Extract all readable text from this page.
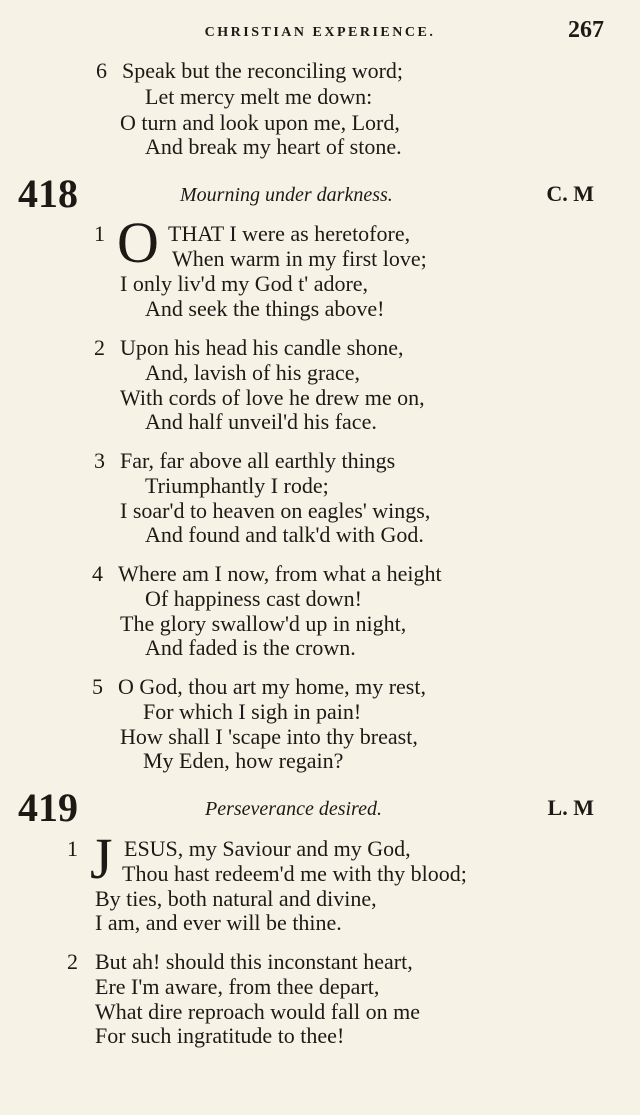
CHRISTIAN EXPERIENCE.	267
6 Speak but the reconciling word;
Let mercy melt me down:
O turn and look upon me, Lord,
And break my heart of stone.
418	Mourning under darkness.	C. M
1 O THAT I were as heretofore,
When warm in my first love;
I only liv'd my God t' adore,
And seek the things above!
2 Upon his head his candle shone,
And, lavish of his grace,
With cords of love he drew me on,
And half unveil'd his face.
3 Far, far above all earthly things
Triumphantly I rode;
I soar'd to heaven on eagles' wings,
And found and talk'd with God.
4 Where am I now, from what a height
Of happiness cast down!
The glory swallow'd up in night,
And faded is the crown.
5 O God, thou art my home, my rest,
For which I sigh in pain!
How shall I 'scape into thy breast,
My Eden, how regain?
419	Perseverance desired.	L. M
1 J ESUS, my Saviour and my God,
Thou hast redeem'd me with thy blood;
By ties, both natural and divine,
I am, and ever will be thine.
2 But ah! should this inconstant heart,
Ere I'm aware, from thee depart,
What dire reproach would fall on me
For such ingratitude to thee!
